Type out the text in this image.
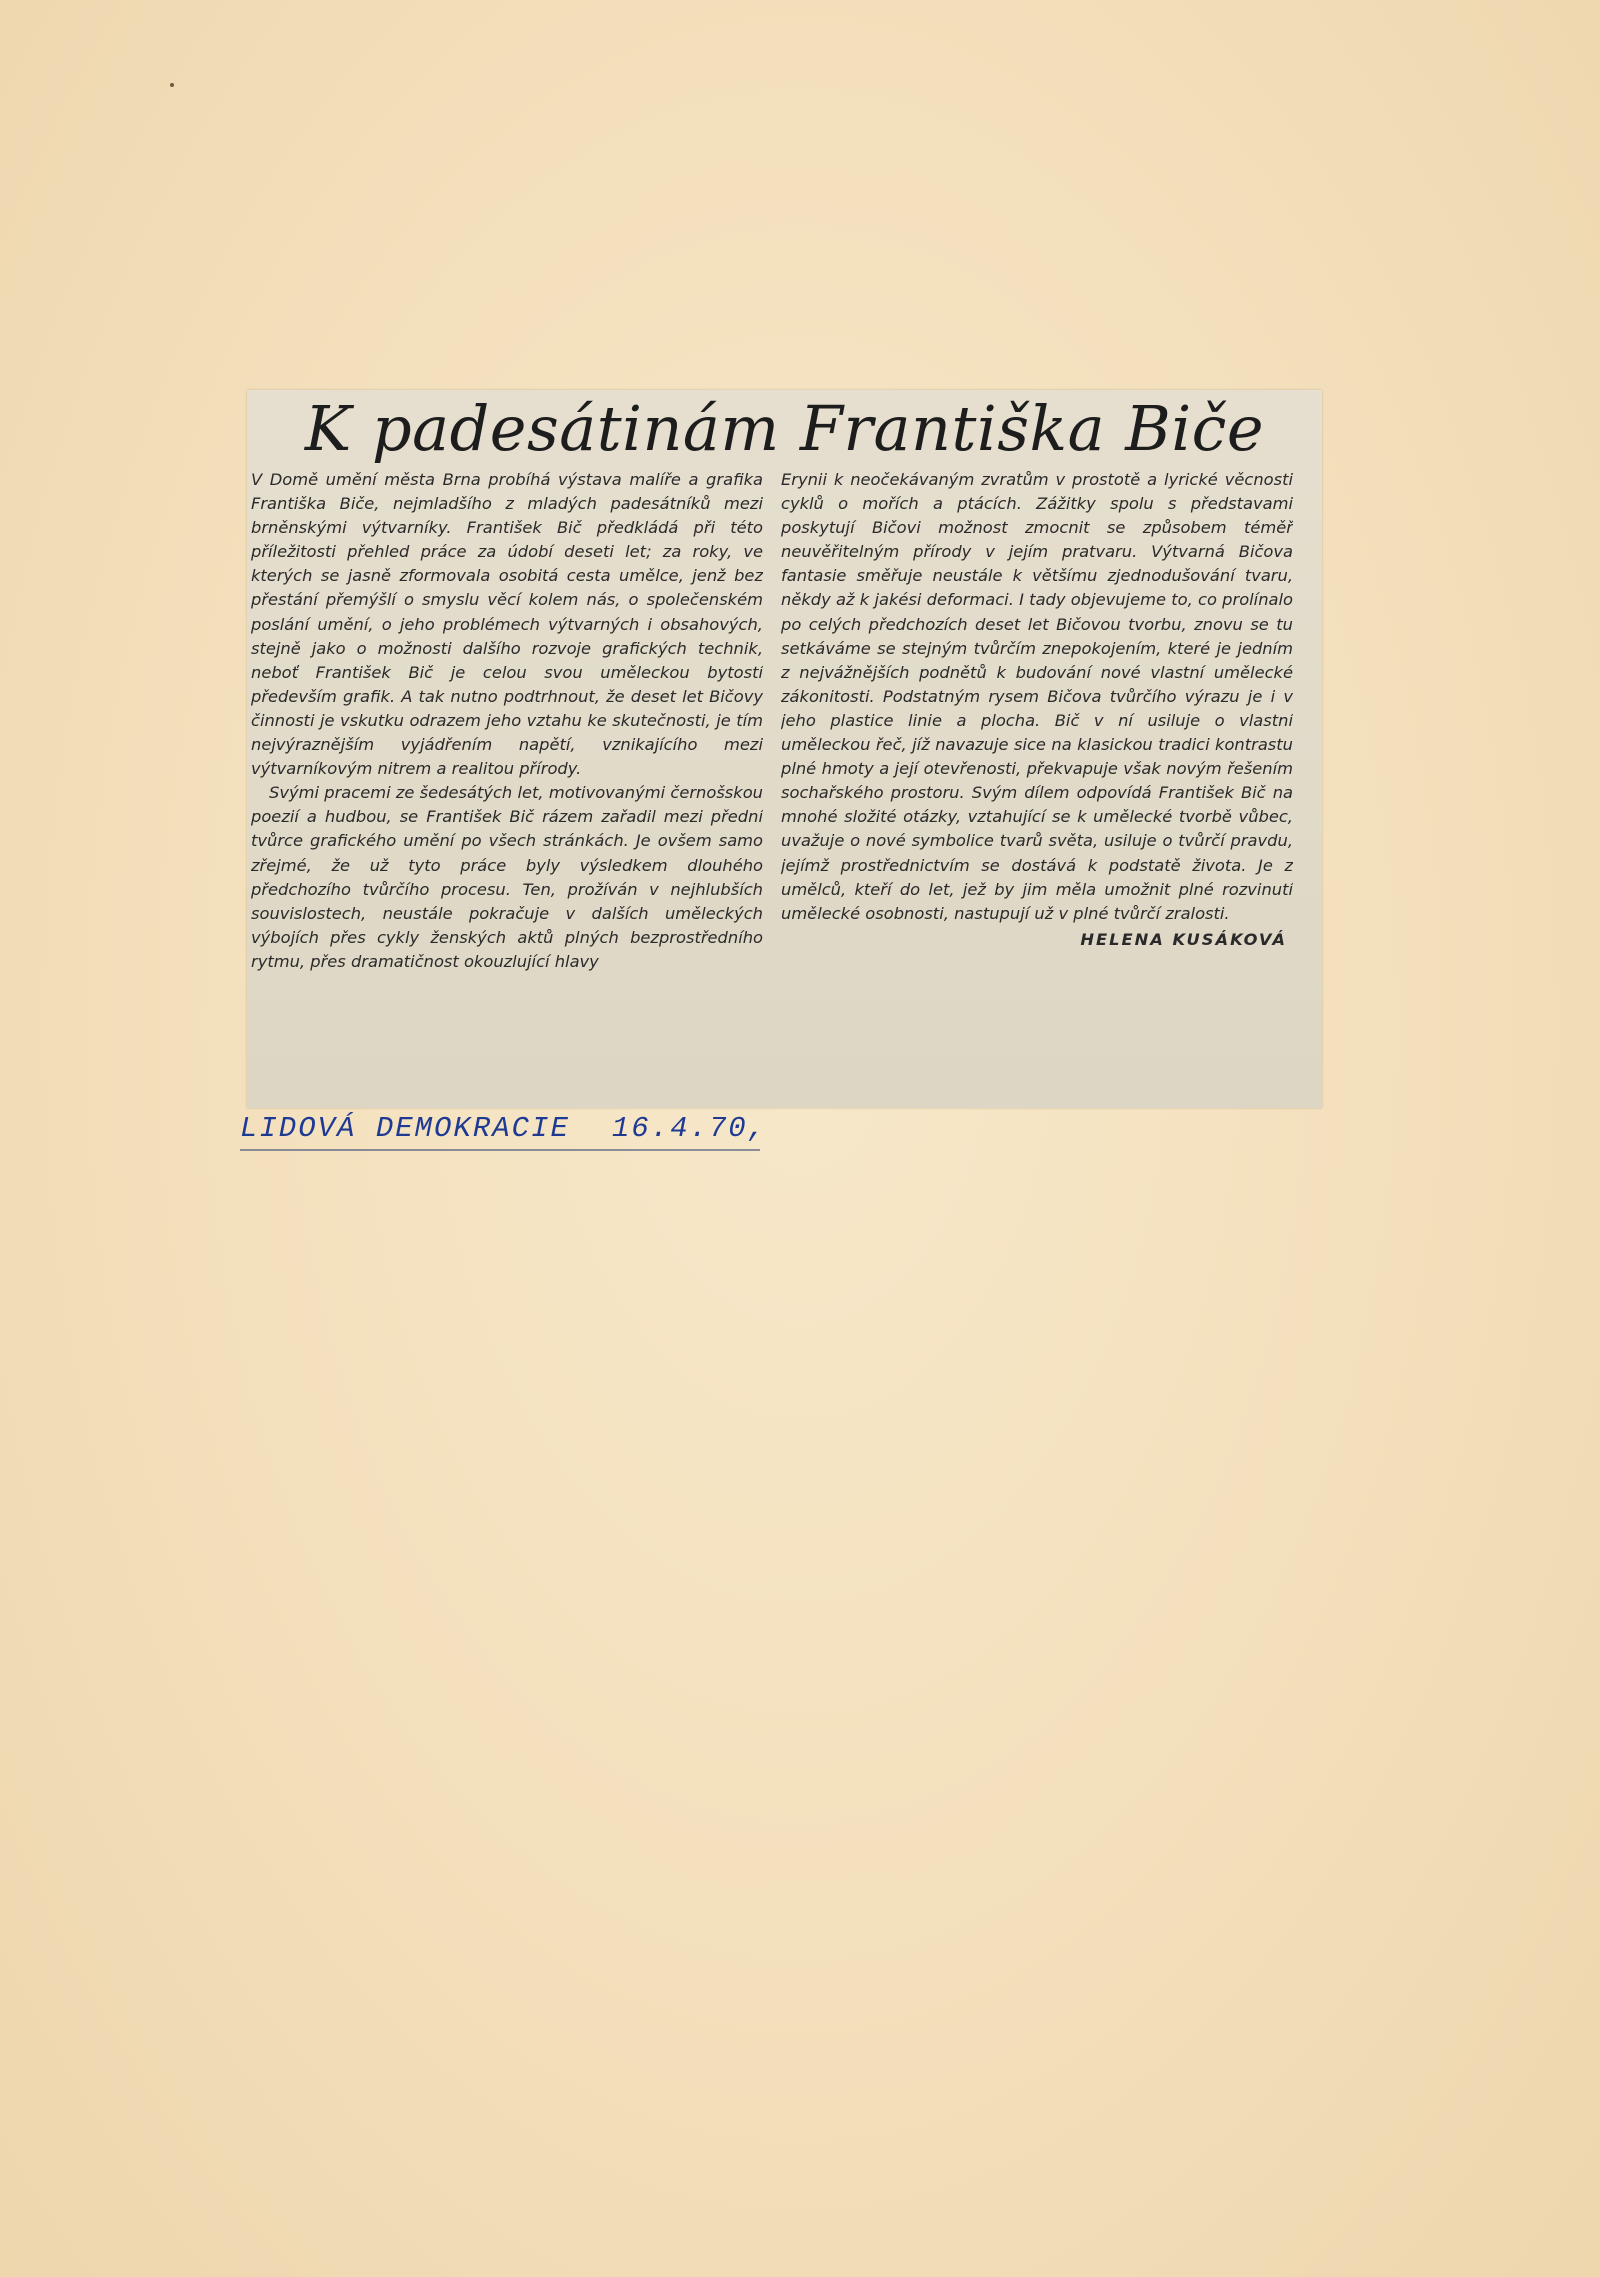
K padesátinám Františka Biče

V Domě umění města Brna probíhá výstava malíře a grafika Františka Biče, nejmladšího z mladých padesátníků mezi brněnskými výtvarníky. František Bič předkládá při této příležitosti přehled práce za údobí deseti let; za roky, ve kterých se jasně zformovala osobitá cesta umělce, jenž bez přestání přemýšlí o smyslu věcí kolem nás, o společenském poslání umění, o jeho problémech výtvarných i obsahových, stejně jako o možnosti dalšího rozvoje grafických technik, neboť František Bič je celou svou uměleckou bytostí především grafik. A tak nutno podtrhnout, že deset let Bičovy činnosti je vskutku odrazem jeho vztahu ke skutečnosti, je tím nejvýraznějším vyjádřením napětí, vznikajícího mezi výtvarníkovým nitrem a realitou přírody.

Svými pracemi ze šedesátých let, motivovanými černošskou poezií a hudbou, se František Bič rázem zařadil mezi přední tvůrce grafického umění po všech stránkách. Je ovšem samo zřejmé, že už tyto práce byly výsledkem dlouhého předchozího tvůrčího procesu. Ten, prožíván v nejhlubších souvislostech, neustále pokračuje v dalších uměleckých výbojích přes cykly ženských aktů plných bezprostředního rytmu, přes dramatičnost okouzlující hlavy

Erynii k neočekávaným zvratům v prostotě a lyrické věcnosti cyklů o mořích a ptácích. Zážitky spolu s představami poskytují Bičovi možnost zmocnit se způsobem téměř neuvěřitelným přírody v jejím pratvaru. Výtvarná Bičova fantasie směřuje neustále k většímu zjednodušování tvaru, někdy až k jakési deformaci. I tady objevujeme to, co prolínalo po celých předchozích deset let Bičovou tvorbu, znovu se tu setkáváme se stejným tvůrčím znepokojením, které je jedním z nejvážnějších podnětů k budování nové vlastní umělecké zákonitosti. Podstatným rysem Bičova tvůrčího výrazu je i v jeho plastice linie a plocha. Bič v ní usiluje o vlastní uměleckou řeč, jíž navazuje sice na klasickou tradici kontrastu plné hmoty a její otevřenosti, překvapuje však novým řešením sochařského prostoru. Svým dílem odpovídá František Bič na mnohé složité otázky, vztahující se k umělecké tvorbě vůbec, uvažuje o nové symbolice tvarů světa, usiluje o tvůrčí pravdu, jejímž prostřednictvím se dostává k podstatě života. Je z umělců, kteří do let, jež by jim měla umožnit plné rozvinutí umělecké osobnosti, nastupují už v plné tvůrčí zralosti.

HELENA KUSÁKOVÁ
LIDOVÁ DEMOKRACIE 16.4.70,
